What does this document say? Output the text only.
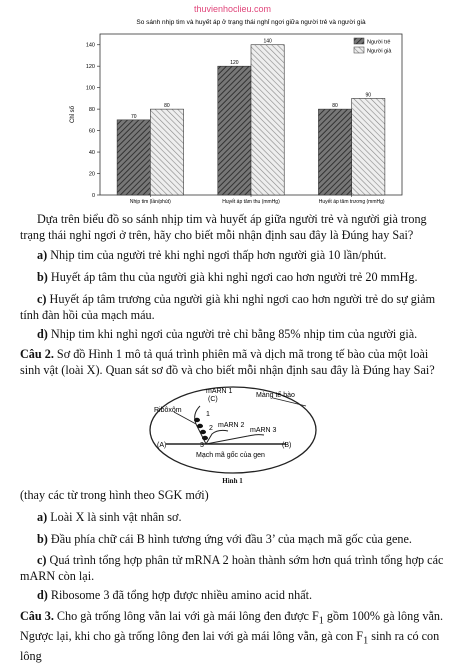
thuvienhoclieu.com
So sánh nhịp tim và huyết áp ở trạng thái nghỉ ngơi giữa người trẻ và người già
0
20
40
60
80
100
120
140
Chỉ số	70
80
Nhịp tim (lần/phút)
120
140
Huyết áp tâm thu (mmHg)
80
90
Huyết áp tâm trương (mmHg)
Người trẻ
Người già

Dựa trên biểu đồ so sánh nhịp tim và huyết áp giữa người trẻ và người già trong trạng thái nghỉ ngơi ở trên, hãy cho biết mỗi nhận định sau đây là Đúng hay Sai?

a) Nhịp tim của người trẻ khi nghỉ ngơi thấp hơn người già 10 lần/phút.

b) Huyết áp tâm thu của người già khi nghỉ ngơi cao hơn người trẻ 20 mmHg.

c) Huyết áp tâm trương của người già khi nghỉ ngơi cao hơn người trẻ do sự giảm tính đàn hồi của mạch máu.

d) Nhịp tim khi nghỉ ngơi của người trẻ chỉ bằng 85% nhịp tim của người già.

Câu 2. Sơ đồ Hình 1 mô tả quá trình phiên mã và dịch mã trong tế bào của một loài sinh vật (loài X). Quan sát sơ đồ và cho biết mỗi nhận định sau đây là Đúng hay Sai?

mARN 1
(C)
Màng tế bào
Ribôxôm
1
2
3
mARN 2
mARN 3
(A)	(B)
Mạch mã gốc của gen
Hình 1

(thay các từ trong hình theo SGK mới)

a) Loài X là sinh vật nhân sơ.

b) Đầu phía chữ cái B hình tương ứng với đầu 3’ của mạch mã gốc của gene.

c) Quá trình tổng hợp phân tử mRNA 2 hoàn thành sớm hơn quá trình tổng hợp các mARN còn lại.

d) Ribosome 3 đã tổng hợp được nhiều amino acid nhất.

Câu 3. Cho gà trống lông vằn lai với gà mái lông đen được $F_1$ gồm 100% gà lông vằn. Ngược lại, khi cho gà trống lông đen lai với gà mái lông vằn, gà con $F_1$ sinh ra có con lông
